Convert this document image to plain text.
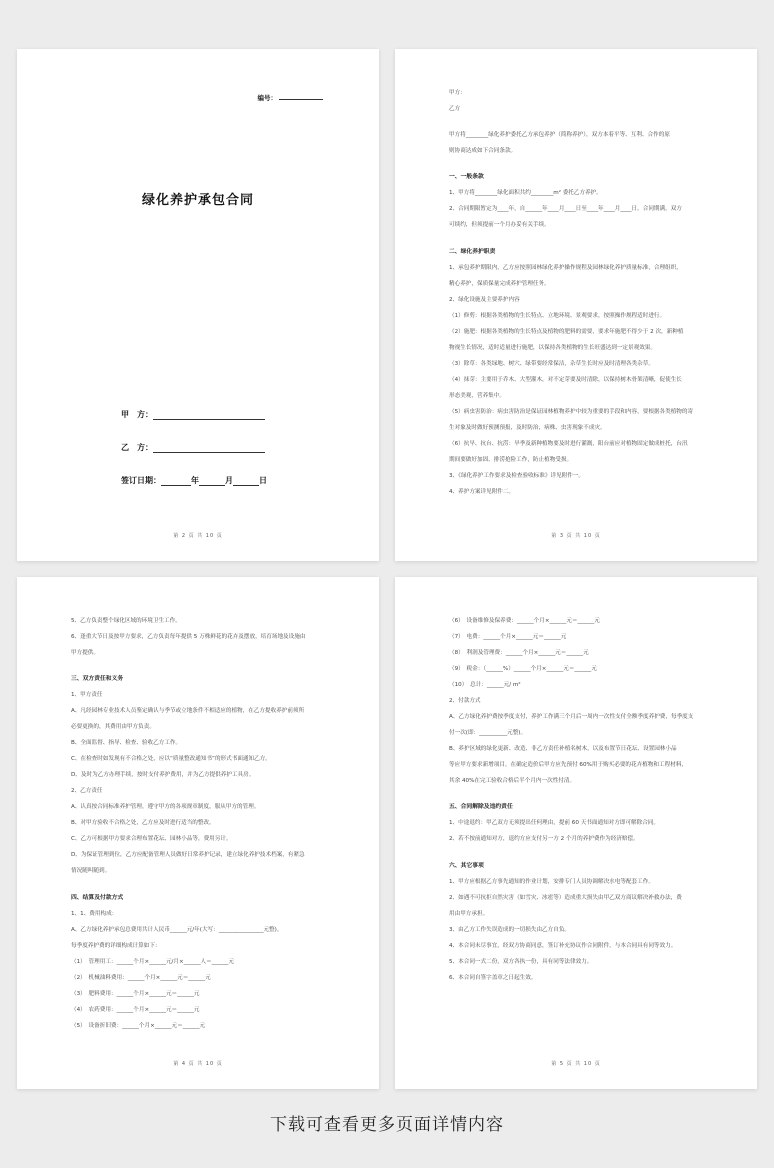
编号：
绿化养护承包合同
甲　方：
乙　方：
签订日期：	年	月	日
第 2 页 共 10 页
甲方：
乙方
甲方将________绿化养护委托乙方承包养护（简称养护），双方本着平等、互利、合作的原
则协商达成如下合同条款。
一、一般条款
1、甲方将________绿化面积共约________m² 委托乙方养护。
2、合同期限暂定为____年，自______年____月____日至____年____月____日。合同期满，双方
可续约，但须提前一个月办妥有关手续。
二、绿化养护职责
1、承包养护期限内，乙方应按照园林绿化养护操作规程及园林绿化养护质量标准，合理组织，
精心养护，保质保量完成养护管理任务。
2、绿化设施及主要养护内容
（1）修剪：根据各类植物的生长特点、立地环境、景观要求，按照操作规程适时进行。
（2）施肥：根据各类植物的生长特点及植物的肥料的需要，要求年施肥不得少于 2 次，新种植
物视生长情况，适时适量进行施肥，以保持各类植物的生长旺盛达到一定景观效果。
（3）除草：各类绿地、树穴、绿带要经常保洁，杂草生长时应及时清理各类杂草。
（4）抹芽：主要用于乔木、大型灌木，对不定芽要及时清除，以保持树木骨架清晰，促使生长
形态美观，营养集中。
（5）病虫害防治：病虫害防治是保证园林植物养护中较为重要的手段和内容，要根据各类植物的寄
生对象及时做好预测预报，及时防治，病株、虫害现象不成灾。
（6）抗旱、抗台、抗涝：旱季及新种植物要及时进行灌溉，阳台前应对植物固定做成桩托，台汛
期间要做好加固、排涝抢险工作，防止植物受损。
3、《绿化养护工作要求及检查验收标准》详见附件一。
4、养护方案详见附件二。
第 3 页 共 10 页
5、乙方负责整个绿化区域的环境卫生工作。
6、逢重大节日及按甲方要求，乙方负责每年提供 5 万株鲜花的花卉及摆放，培育场地及设施由
甲方提供。
三、双方责任和义务
1、甲方责任
A、凡经园林专业技术人员鉴定确认与季节或立地条件不相适应的植物，在乙方提收养护前须所
必要更换的，其费用由甲方负责。
B、全面监督、指导、检查、验收乙方工作。
C、在检查时如发现有不合格之处，应以“质量整改通知书”的形式书面通知乙方。
D、及时为乙方办理手续，按时支付养护费用，并为乙方提供养护工具房。
2、乙方责任
A、认真按合同标准养护管理，遵守甲方的各项规章制度，服从甲方的管理。
B、对甲方验收不合格之处，乙方应及时进行适当的整改。
C、乙方可根据甲方要求合理布置花坛、园林小品等，费用另计。
D、为保证管理到位，乙方应配备管理人员做好日常养护记录，建立绿化养护技术档案，有紧急
情况随叫随到。
四、结算及付款方式
1、1、费用构成：
A、乙方绿化养护承包总费用共计人民币______元/年(大写：________________元整)。
每季度养护费的详细构成计算如下：
（1）　管理用工：______个月×______元/月×______人＝______元
（2）　机械油料费用：______个月×______元＝______元
（3）　肥料费用：______个月×______元＝______元
（4）　农药费用：______个月×______元＝______元
（5）　设备折旧费：______个月×______元＝______元
第 4 页 共 10 页
（6）　设备维修及保养费：______个月×______元＝______元
（7）　电费：______个月×______元＝______元
（8）　利润及管理费：______个月×______元＝______元
（9）　税金：（______%）______个月×______元＝______元
（10）　总计：______元/ m²
2、付款方式
A、乙方绿化养护费按季度支付，养护工作满三个月后一周内一次性支付全额季度养护费，每季度支
付一次(即：__________元整)。
B、养护区域的绿化更新、改造、非乙方责任补植名树木，以及布置节日花坛、设置园林小品
等应甲方要求新增项目，在确定造价后甲方应先预付 60%用于购买必要的花卉植物和工程材料，
其余 40%在完工验收合格后半个月内一次性付清。
五、合同解除及违约责任
1、中途退约：甲乙双方无须提出任何理由，提前 60 天书面通知对方即可解除合同。
2、若不按前通知对方，退约方应支付另一方 2 个月的养护费作为经济赔偿。
六、其它事项
1、甲方应根据乙方事先通知的作业计划，安排专门人员协调解决水电等配套工作。
2、如遇不可抗拒自然灾害（如雪灾、冰雹等）造成重大损失由甲乙双方商议解决补救办法，费
用由甲方承担。
3、由乙方工作失误造成的一切损失由乙方自负。
4、本合同未尽事宜，经双方协商同意，签订补充协议作合同附件，与本合同具有同等效力。
5、本合同一式二份，双方各执一份，具有同等法律效力。
6、本合同自签字盖章之日起生效。
第 5 页 共 10 页
下载可查看更多页面详情内容
